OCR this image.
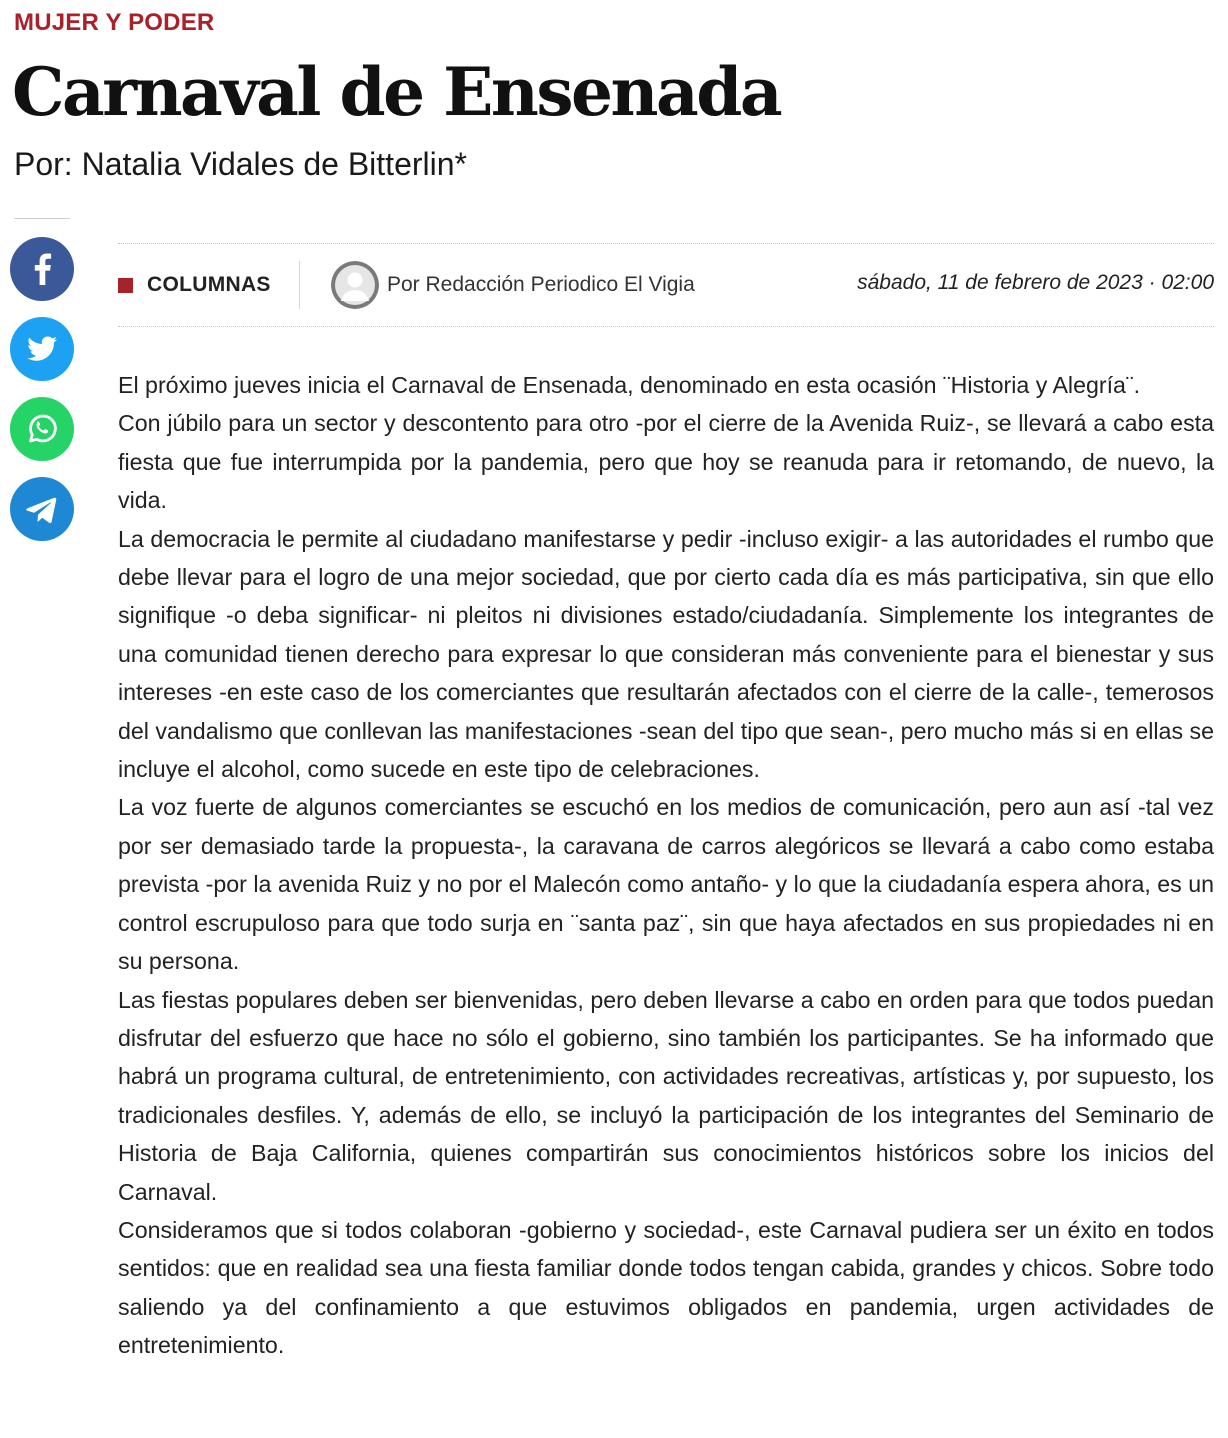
MUJER Y PODER
Carnaval de Ensenada
Por: Natalia Vidales de Bitterlin*
COLUMNAS	Por Redacción Periodico El Vigia	sábado, 11 de febrero de 2023 · 02:00

El próximo jueves inicia el Carnaval de Ensenada, denominado en esta ocasión ¨Historia y Alegría¨.

Con júbilo para un sector y descontento para otro -por el cierre de la Avenida Ruiz-, se llevará a cabo esta fiesta que fue interrumpida por la pandemia, pero que hoy se reanuda para ir retomando, de nuevo, la vida.

La democracia le permite al ciudadano manifestarse y pedir -incluso exigir- a las autoridades el rumbo que debe llevar para el logro de una mejor sociedad, que por cierto cada día es más participativa, sin que ello signifique -o deba significar- ni pleitos ni divisiones estado/ciudadanía. Simplemente los integrantes de una comunidad tienen derecho para expresar lo que consideran más conveniente para el bienestar y sus intereses -en este caso de los comerciantes que resultarán afectados con el cierre de la calle-, temerosos del vandalismo que conllevan las manifestaciones -sean del tipo que sean-, pero mucho más si en ellas se incluye el alcohol, como sucede en este tipo de celebraciones.

La voz fuerte de algunos comerciantes se escuchó en los medios de comunicación, pero aun así -tal vez por ser demasiado tarde la propuesta-, la caravana de carros alegóricos se llevará a cabo como estaba prevista -por la avenida Ruiz y no por el Malecón como antaño- y lo que la ciudadanía espera ahora, es un control escrupuloso para que todo surja en ¨santa paz¨, sin que haya afectados en sus propiedades ni en su persona.

Las fiestas populares deben ser bienvenidas, pero deben llevarse a cabo en orden para que todos puedan disfrutar del esfuerzo que hace no sólo el gobierno, sino también los participantes. Se ha informado que habrá un programa cultural, de entretenimiento, con actividades recreativas, artísticas y, por supuesto, los tradicionales desfiles. Y, además de ello, se incluyó la participación de los integrantes del Seminario de Historia de Baja California, quienes compartirán sus conocimientos históricos sobre los inicios del Carnaval.

Consideramos que si todos colaboran -gobierno y sociedad-, este Carnaval pudiera ser un éxito en todos sentidos: que en realidad sea una fiesta familiar donde todos tengan cabida, grandes y chicos. Sobre todo saliendo ya del confinamiento a que estuvimos obligados en pandemia, urgen actividades de entretenimiento.
